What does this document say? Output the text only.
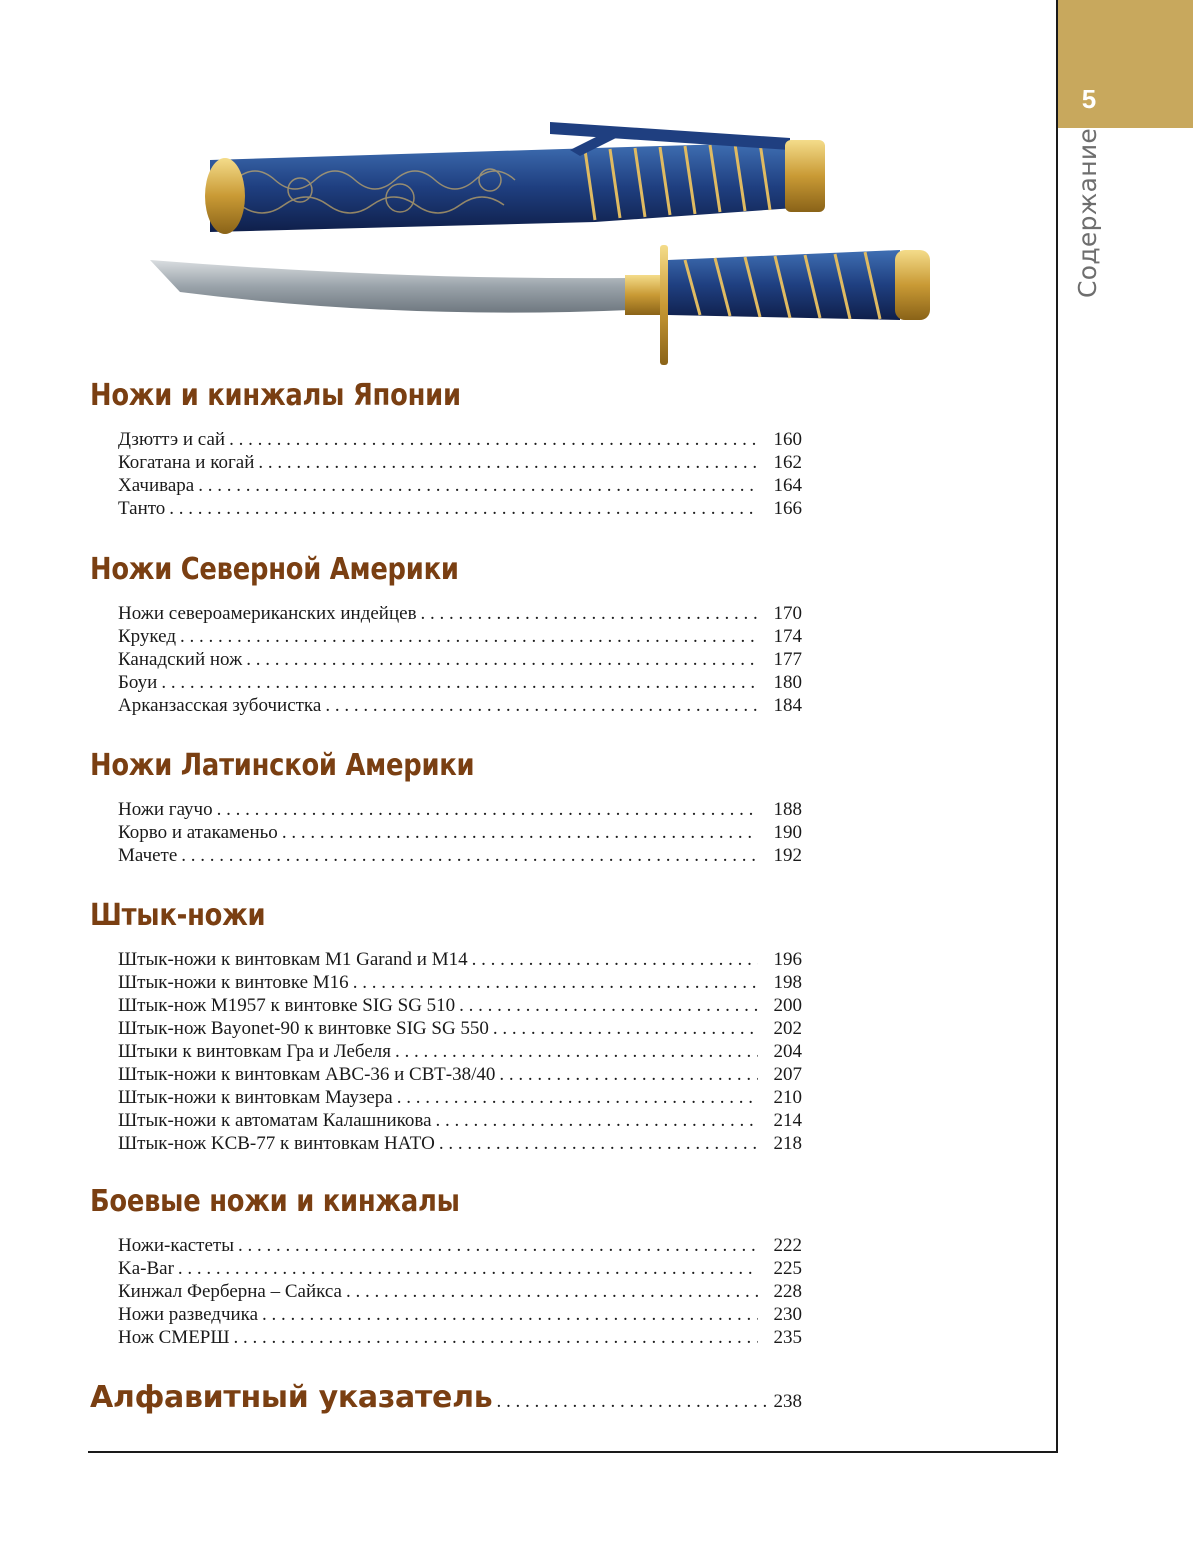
5
Содержание
Ножи и кинжалы Японии
Дзюттэ и сай . . .	160
Когатана и когай . . .	162
Хачивара . . .	164
Танто . . .	166
Ножи Северной Америки
Ножи североамериканских индейцев . . .	170
Крукед . . .	174
Канадский нож . . .	177
Боуи . . .	180
Арканзасская зубочистка . . .	184
Ножи Латинской Америки
Ножи гаучо . . .	188
Корво и атакаменьо . . .	190
Мачете . . .	192
Штык-ножи
Штык-ножи к винтовкам M1 Garand и M14 . . .	196
Штык-ножи к винтовке M16 . . .	198
Штык-нож M1957 к винтовке SIG SG 510 . . .	200
Штык-нож Bayonet-90 к винтовке SIG SG 550 . . .	202
Штыки к винтовкам Гра и Лебеля . . .	204
Штык-ножи к винтовкам АВС-36 и СВТ-38/40 . . .	207
Штык-ножи к винтовкам Маузера . . .	210
Штык-ножи к автоматам Калашникова . . .	214
Штык-нож KCB-77 к винтовкам НАТО . . .	218
Боевые ножи и кинжалы
Ножи-кастеты . . .	222
Ka-Bar . . .	225
Кинжал Ферберна – Сайкса . . .	228
Ножи разведчика . . .	230
Нож СМЕРШ . . .	235
Алфавитный указатель . . .	238
